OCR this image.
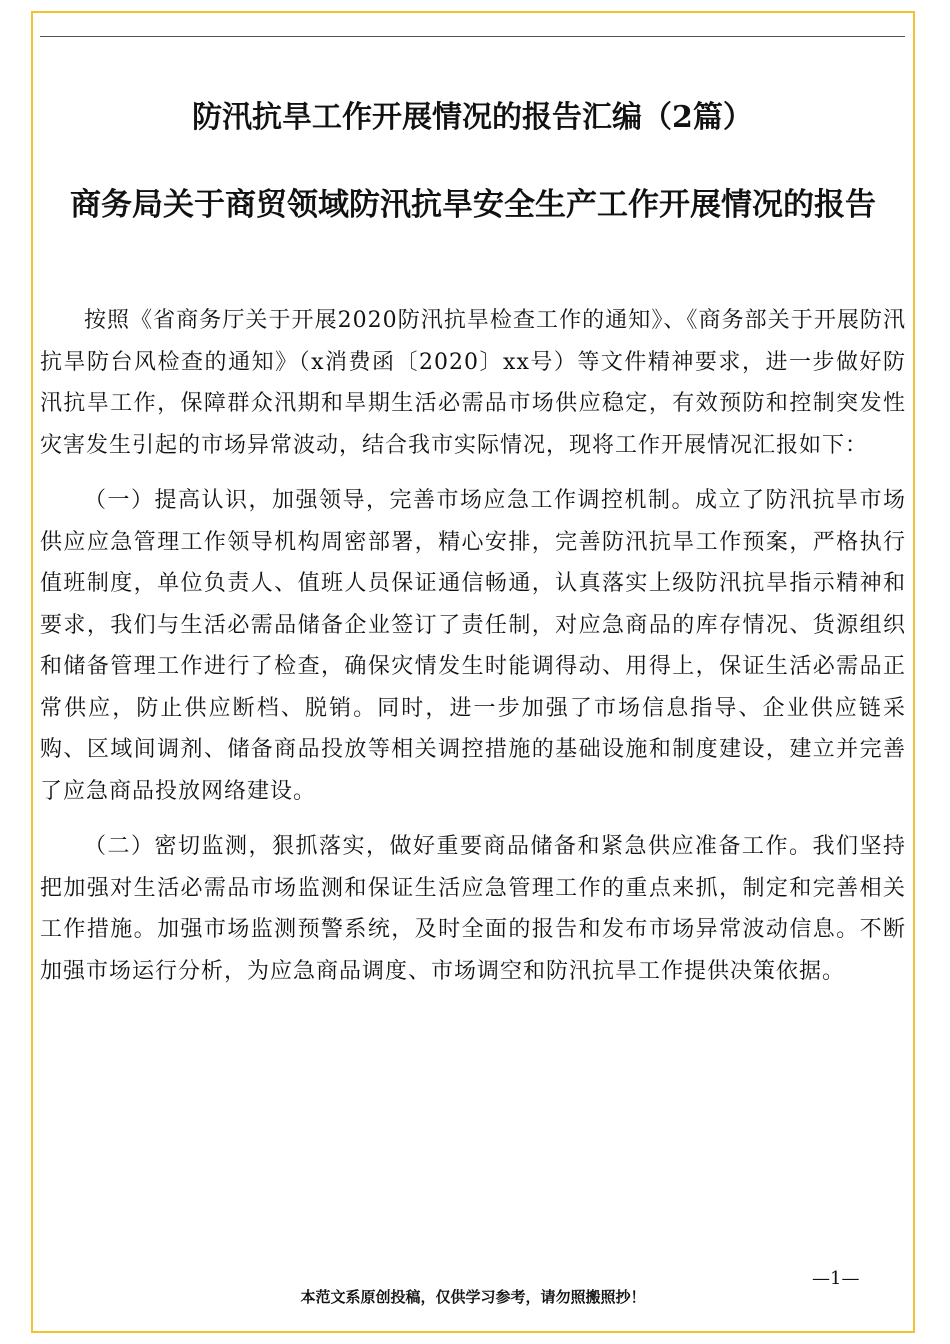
防汛抗旱工作开展情况的报告汇编（2篇）
商务局关于商贸领域防汛抗旱安全生产工作开展情况的报告

按照《省商务厅关于开展2020防汛抗旱检查工作的通知》、《商务部关于开展防汛抗旱防台风检查的通知》（x消费函〔2020〕xx号）等文件精神要求，进一步做好防汛抗旱工作，保障群众汛期和旱期生活必需品市场供应稳定，有效预防和控制突发性灾害发生引起的市场异常波动，结合我市实际情况，现将工作开展情况汇报如下：

（一）提高认识，加强领导，完善市场应急工作调控机制。成立了防汛抗旱市场供应应急管理工作领导机构周密部署，精心安排，完善防汛抗旱工作预案，严格执行值班制度，单位负责人、值班人员保证通信畅通，认真落实上级防汛抗旱指示精神和要求，我们与生活必需品储备企业签订了责任制，对应急商品的库存情况、货源组织和储备管理工作进行了检查，确保灾情发生时能调得动、用得上，保证生活必需品正常供应，防止供应断档、脱销。同时，进一步加强了市场信息指导、企业供应链采购、区域间调剂、储备商品投放等相关调控措施的基础设施和制度建设，建立并完善了应急商品投放网络建设。

（二）密切监测，狠抓落实，做好重要商品储备和紧急供应准备工作。我们坚持把加强对生活必需品市场监测和保证生活应急管理工作的重点来抓，制定和完善相关工作措施。加强市场监测预警系统，及时全面的报告和发布市场异常波动信息。不断加强市场运行分析，为应急商品调度、市场调空和防汛抗旱工作提供决策依据。

—1—
本范文系原创投稿，仅供学习参考，请勿照搬照抄！
